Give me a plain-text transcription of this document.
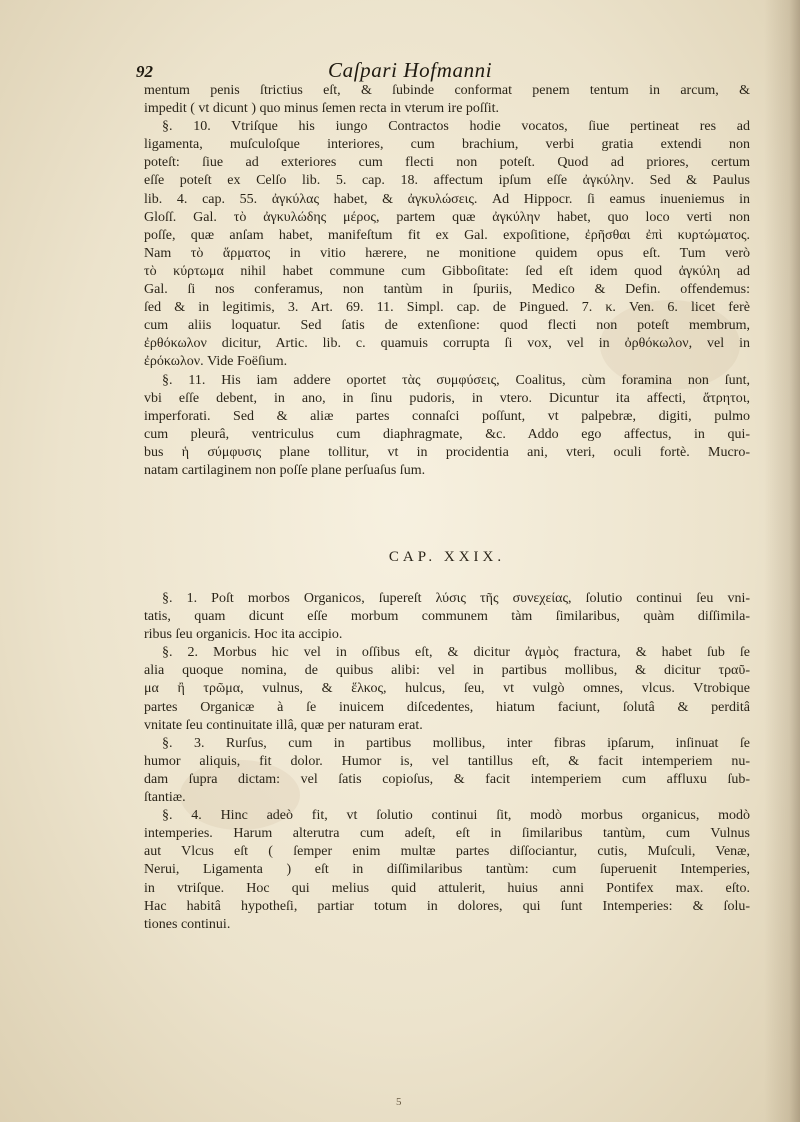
92	Caſpari Hofmanni
mentum penis ſtrictius eſt, & ſubinde conformat penem tentum in arcum, &
impedit ( vt dicunt ) quo minus ſemen recta in vterum ire poſſit.
§. 10. Vtriſque his iungo Contractos hodie vocatos, ſiue pertineat res ad
ligamenta, muſculoſque interiores, cum brachium, verbi gratia extendi non
poteſt: ſiue ad exteriores cum flecti non poteſt. Quod ad priores, certum
eſſe poteſt ex Celſo lib. 5. cap. 18. affectum ipſum eſſe ἀγκύλην. Sed & Paulus
lib. 4. cap. 55. ἀγκύλας habet, & ἀγκυλώσεις. Ad Hippocr. ſi eamus inueniemus in
Gloſſ. Gal. τὸ ἀγκυλώδης μέρος, partem quæ ἀγκύλην habet, quo loco verti non
poſſe, quæ anſam habet, manifeſtum fit ex Gal. expoſitione, ἐρῆσθαι ἐπὶ κυρτώματος.
Nam τὸ ἅρματος in vitio hærere, ne monitione quidem opus eſt. Tum verò
τὸ κύρτωμα nihil habet commune cum Gibboſitate: ſed eſt idem quod ἀγκύλη ad
Gal. ſi nos conferamus, non tantùm in ſpuriis, Medico & Defin. offendemus:
ſed & in legitimis, 3. Art. 69. 11. Simpl. cap. de Pingued. 7. κ. Ven. 6. licet ferè
cum aliis loquatur. Sed ſatis de extenſione: quod flecti non poteſt membrum,
ἐρθόκωλον dicitur, Artic. lib. c. quamuis corrupta ſi vox, vel in ὀρθόκωλον, vel in
ἐρόκωλον. Vide Foëſium.
§. 11. His iam addere oportet τὰς συμφύσεις, Coalitus, cùm foramina non ſunt,
vbi eſſe debent, in ano, in ſinu pudoris, in vtero. Dicuntur ita affecti, ἄτρητοι,
imperforati. Sed & aliæ partes connaſci poſſunt, vt palpebræ, digiti, pulmo
cum pleurâ, ventriculus cum diaphragmate, &c. Addo ego affectus, in qui-
bus ἡ σύμφυσις plane tollitur, vt in procidentia ani, vteri, oculi fortè. Mucro-
natam cartilaginem non poſſe plane perſuaſus ſum.
CAP. XXIX.
§. 1. Poſt morbos Organicos, ſupereſt λύσις τῆς συνεχείας, ſolutio continui ſeu vni-
tatis, quam dicunt eſſe morbum communem tàm ſimilaribus, quàm diſſimila-
ribus ſeu organicis. Hoc ita accipio.
§. 2. Morbus hic vel in oſſibus eſt, & dicitur ἀγμὸς fractura, & habet ſub ſe
alia quoque nomina, de quibus alibi: vel in partibus mollibus, & dicitur τραῦ-
μα ἢ τρῶμα, vulnus, & ἕλκος, hulcus, ſeu, vt vulgò omnes, vlcus. Vtrobique
partes Organicæ à ſe inuicem diſcedentes, hiatum faciunt, ſolutâ & perditâ
vnitate ſeu continuitate illâ, quæ per naturam erat.
§. 3. Rurſus, cum in partibus mollibus, inter fibras ipſarum, inſinuat ſe
humor aliquis, fit dolor. Humor is, vel tantillus eſt, & facit intemperiem nu-
dam ſupra dictam: vel ſatis copioſus, & facit intemperiem cum affluxu ſub-
ſtantiæ.
§. 4. Hinc adeò fit, vt ſolutio continui ſit, modò morbus organicus, modò
intemperies. Harum alterutra cum adeſt, eſt in ſimilaribus tantùm, cum Vulnus
aut Vlcus eſt ( ſemper enim multæ partes diſſociantur, cutis, Muſculi, Venæ,
Nerui, Ligamenta ) eſt in diſſimilaribus tantùm: cum ſuperuenit Intemperies,
in vtriſque. Hoc qui melius quid attulerit, huius anni Pontifex max. eſto.
Hac habitâ hypotheſi, partiar totum in dolores, qui ſunt Intemperies: & ſolu-
tiones continui.
5
